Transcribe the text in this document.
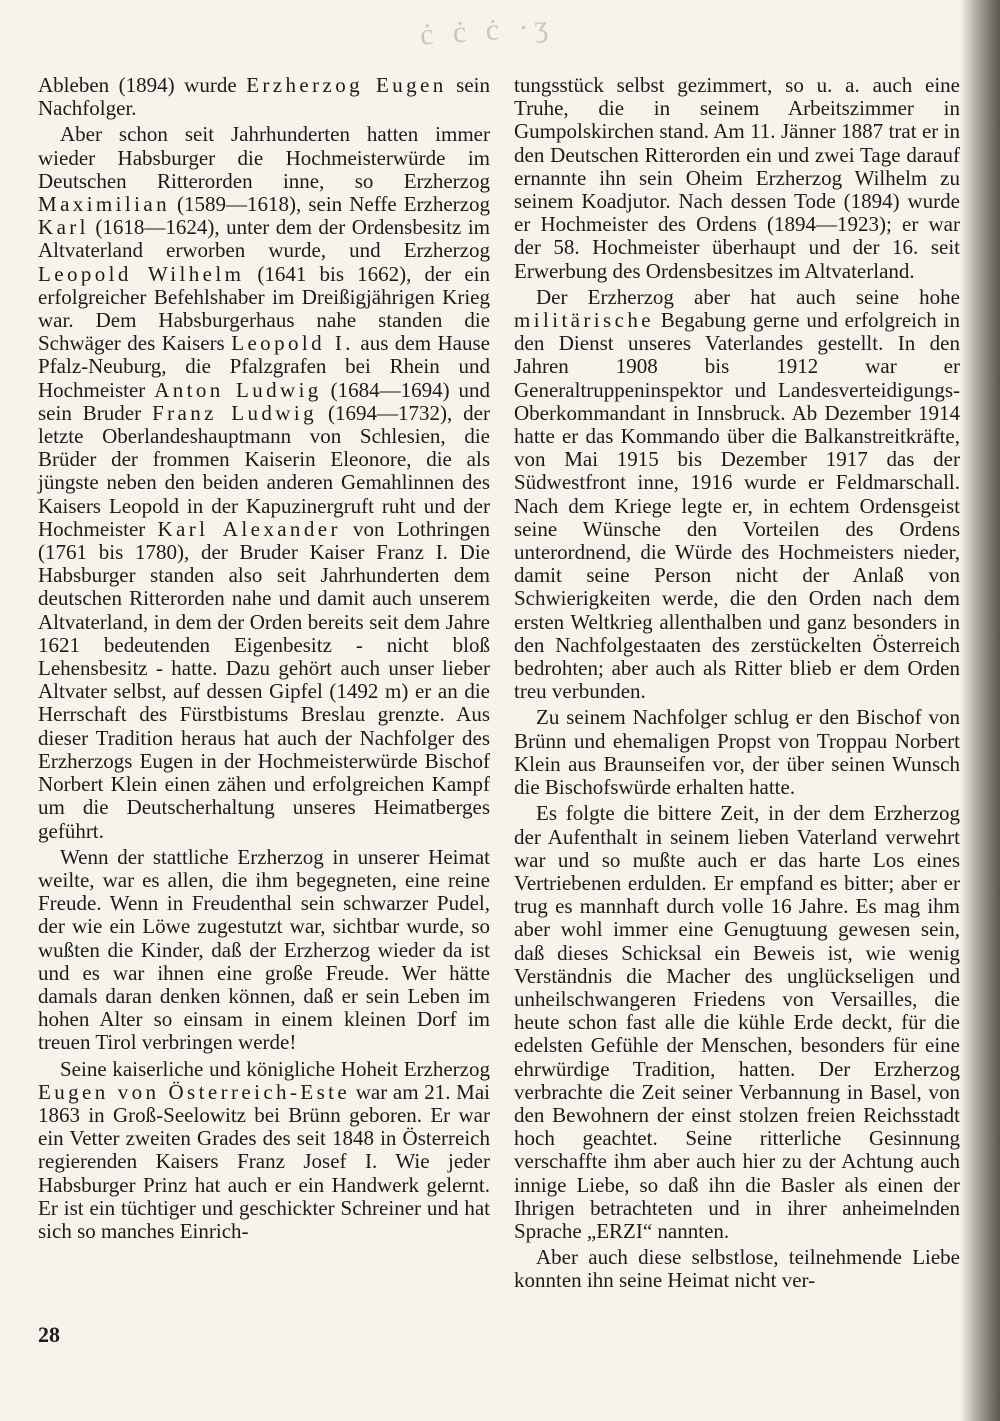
ċ ċ ċ ·ʒ

Ableben (1894) wurde Erzherzog Eugen sein Nachfolger.

Aber schon seit Jahrhunderten hatten immer wieder Habsburger die Hochmeisterwürde im Deutschen Ritterorden inne, so Erzherzog Maximilian (1589—1618), sein Neffe Erzherzog Karl (1618—1624), unter dem der Ordensbesitz im Altvaterland erworben wurde, und Erzherzog Leopold Wilhelm (1641 bis 1662), der ein erfolgreicher Befehlshaber im Dreißigjährigen Krieg war. Dem Habsburgerhaus nahe standen die Schwäger des Kaisers Leopold I. aus dem Hause Pfalz-Neuburg, die Pfalzgrafen bei Rhein und Hochmeister Anton Ludwig (1684—1694) und sein Bruder Franz Ludwig (1694—1732), der letzte Oberlandeshauptmann von Schlesien, die Brüder der frommen Kaiserin Eleonore, die als jüngste neben den beiden anderen Gemahlinnen des Kaisers Leopold in der Kapuzinergruft ruht und der Hochmeister Karl Alexander von Lothringen (1761 bis 1780), der Bruder Kaiser Franz I. Die Habsburger standen also seit Jahrhunderten dem deutschen Ritterorden nahe und damit auch unserem Altvaterland, in dem der Orden bereits seit dem Jahre 1621 bedeutenden Eigenbesitz - nicht bloß Lehensbesitz - hatte. Dazu gehört auch unser lieber Altvater selbst, auf dessen Gipfel (1492 m) er an die Herrschaft des Fürstbistums Breslau grenzte. Aus dieser Tradition heraus hat auch der Nachfolger des Erzherzogs Eugen in der Hochmeisterwürde Bischof Norbert Klein einen zähen und erfolgreichen Kampf um die Deutscherhaltung unseres Heimatberges geführt.

Wenn der stattliche Erzherzog in unserer Heimat weilte, war es allen, die ihm begegneten, eine reine Freude. Wenn in Freudenthal sein schwarzer Pudel, der wie ein Löwe zugestutzt war, sichtbar wurde, so wußten die Kinder, daß der Erzherzog wieder da ist und es war ihnen eine große Freude. Wer hätte damals daran denken können, daß er sein Leben im hohen Alter so einsam in einem kleinen Dorf im treuen Tirol verbringen werde!

Seine kaiserliche und königliche Hoheit Erzherzog Eugen von Österreich-Este war am 21. Mai 1863 in Groß-Seelowitz bei Brünn geboren. Er war ein Vetter zweiten Grades des seit 1848 in Österreich regierenden Kaisers Franz Josef I. Wie jeder Habsburger Prinz hat auch er ein Handwerk gelernt. Er ist ein tüchtiger und geschickter Schreiner und hat sich so manches Einrich-

tungsstück selbst gezimmert, so u. a. auch eine Truhe, die in seinem Arbeitszimmer in Gumpolskirchen stand. Am 11. Jänner 1887 trat er in den Deutschen Ritterorden ein und zwei Tage darauf ernannte ihn sein Oheim Erzherzog Wilhelm zu seinem Koadjutor. Nach dessen Tode (1894) wurde er Hochmeister des Ordens (1894—1923); er war der 58. Hochmeister überhaupt und der 16. seit Erwerbung des Ordensbesitzes im Altvaterland.

Der Erzherzog aber hat auch seine hohe militärische Begabung gerne und erfolgreich in den Dienst unseres Vaterlandes gestellt. In den Jahren 1908 bis 1912 war er Generaltruppeninspektor und Landesverteidigungs-Oberkommandant in Innsbruck. Ab Dezember 1914 hatte er das Kommando über die Balkanstreitkräfte, von Mai 1915 bis Dezember 1917 das der Südwestfront inne, 1916 wurde er Feldmarschall. Nach dem Kriege legte er, in echtem Ordensgeist seine Wünsche den Vorteilen des Ordens unterordnend, die Würde des Hochmeisters nieder, damit seine Person nicht der Anlaß von Schwierigkeiten werde, die den Orden nach dem ersten Weltkrieg allenthalben und ganz besonders in den Nachfolgestaaten des zerstückelten Österreich bedrohten; aber auch als Ritter blieb er dem Orden treu verbunden.

Zu seinem Nachfolger schlug er den Bischof von Brünn und ehemaligen Propst von Troppau Norbert Klein aus Braunseifen vor, der über seinen Wunsch die Bischofswürde erhalten hatte.

Es folgte die bittere Zeit, in der dem Erzherzog der Aufenthalt in seinem lieben Vaterland verwehrt war und so mußte auch er das harte Los eines Vertriebenen erdulden. Er empfand es bitter; aber er trug es mannhaft durch volle 16 Jahre. Es mag ihm aber wohl immer eine Genugtuung gewesen sein, daß dieses Schicksal ein Beweis ist, wie wenig Verständnis die Macher des unglückseligen und unheilschwangeren Friedens von Versailles, die heute schon fast alle die kühle Erde deckt, für die edelsten Gefühle der Menschen, besonders für eine ehrwürdige Tradition, hatten. Der Erzherzog verbrachte die Zeit seiner Verbannung in Basel, von den Bewohnern der einst stolzen freien Reichsstadt hoch geachtet. Seine ritterliche Gesinnung verschaffte ihm aber auch hier zu der Achtung auch innige Liebe, so daß ihn die Basler als einen der Ihrigen betrachteten und in ihrer anheimelnden Sprache „ERZI“ nannten.

Aber auch diese selbstlose, teilnehmende Liebe konnten ihn seine Heimat nicht ver-

28
